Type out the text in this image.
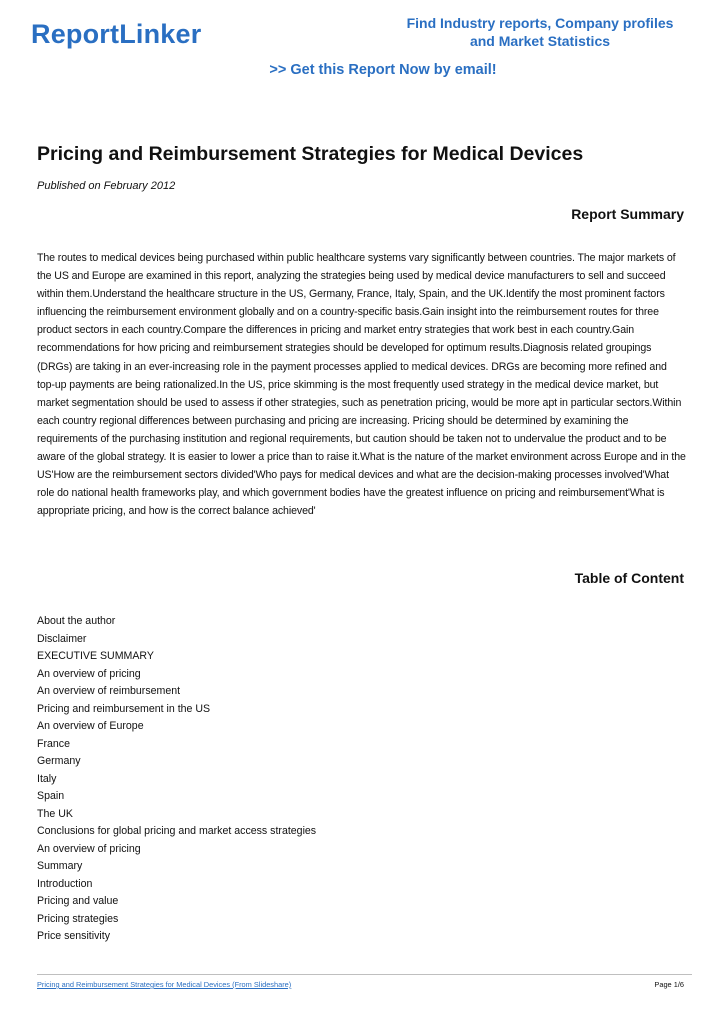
ReportLinker	Find Industry reports, Company profiles
and Market Statistics
>> Get this Report Now by email!
Pricing and Reimbursement Strategies for Medical Devices
Published on February 2012
Report Summary

The routes to medical devices being purchased within public healthcare systems vary significantly between countries. The major markets of the US and Europe are examined in this report, analyzing the strategies being used by medical device manufacturers to sell and succeed within them.Understand the healthcare structure in the US, Germany, France, Italy, Spain, and the UK.Identify the most prominent factors influencing the reimbursement environment globally and on a country-specific basis.Gain insight into the reimbursement routes for three product sectors in each country.Compare the differences in pricing and market entry strategies that work best in each country.Gain recommendations for how pricing and reimbursement strategies should be developed for optimum results.Diagnosis related groupings (DRGs) are taking in an ever-increasing role in the payment processes applied to medical devices. DRGs are becoming more refined and top-up payments are being rationalized.In the US, price skimming is the most frequently used strategy in the medical device market, but market segmentation should be used to assess if other strategies, such as penetration pricing, would be more apt in particular sectors.Within each country regional differences between purchasing and pricing are increasing. Pricing should be determined by examining the requirements of the purchasing institution and regional requirements, but caution should be taken not to undervalue the product and to be aware of the global strategy. It is easier to lower a price than to raise it.What is the nature of the market environment across Europe and in the US'How are the reimbursement sectors divided'Who pays for medical devices and what are the decision-making processes involved'What role do national health frameworks play, and which government bodies have the greatest influence on pricing and reimbursement'What is appropriate pricing, and how is the correct balance achieved'

Table of Content
About the author
Disclaimer
EXECUTIVE SUMMARY
An overview of pricing
An overview of reimbursement
Pricing and reimbursement in the US
An overview of Europe
France
Germany
Italy
Spain
The UK
Conclusions for global pricing and market access strategies
An overview of pricing
Summary
Introduction
Pricing and value
Pricing strategies
Price sensitivity
Pricing and Reimbursement Strategies for Medical Devices (From Slideshare)	Page 1/6
